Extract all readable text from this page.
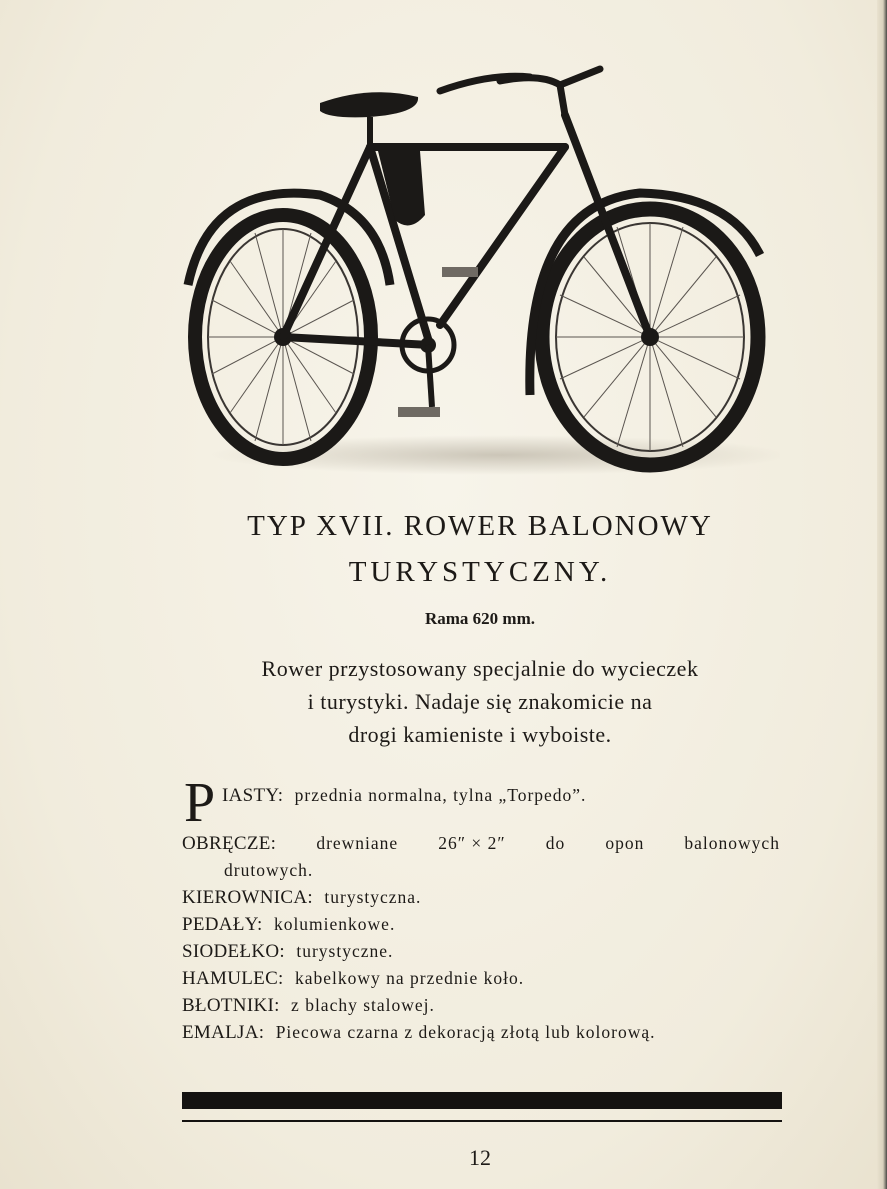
TYP XVII. ROWER BALONOWY
TURYSTYCZNY.
Rama 620 mm.
Rower przystosowany specjalnie do wycieczek
i turystyki. Nadaje się znakomicie na
drogi kamieniste i wyboiste.
P IASTY: przednia normalna, tylna „Torpedo”.
OBRĘCZE: drewniane 26″ × 2″ do opon balonowych
drutowych.
KIEROWNICA: turystyczna.
PEDAŁY: kolumienkowe.
SIODEŁKO: turystyczne.
HAMULEC: kabelkowy na przednie koło.
BŁOTNIKI: z blachy stalowej.
EMALJA: Piecowa czarna z dekoracją złotą lub kolorową.
12
